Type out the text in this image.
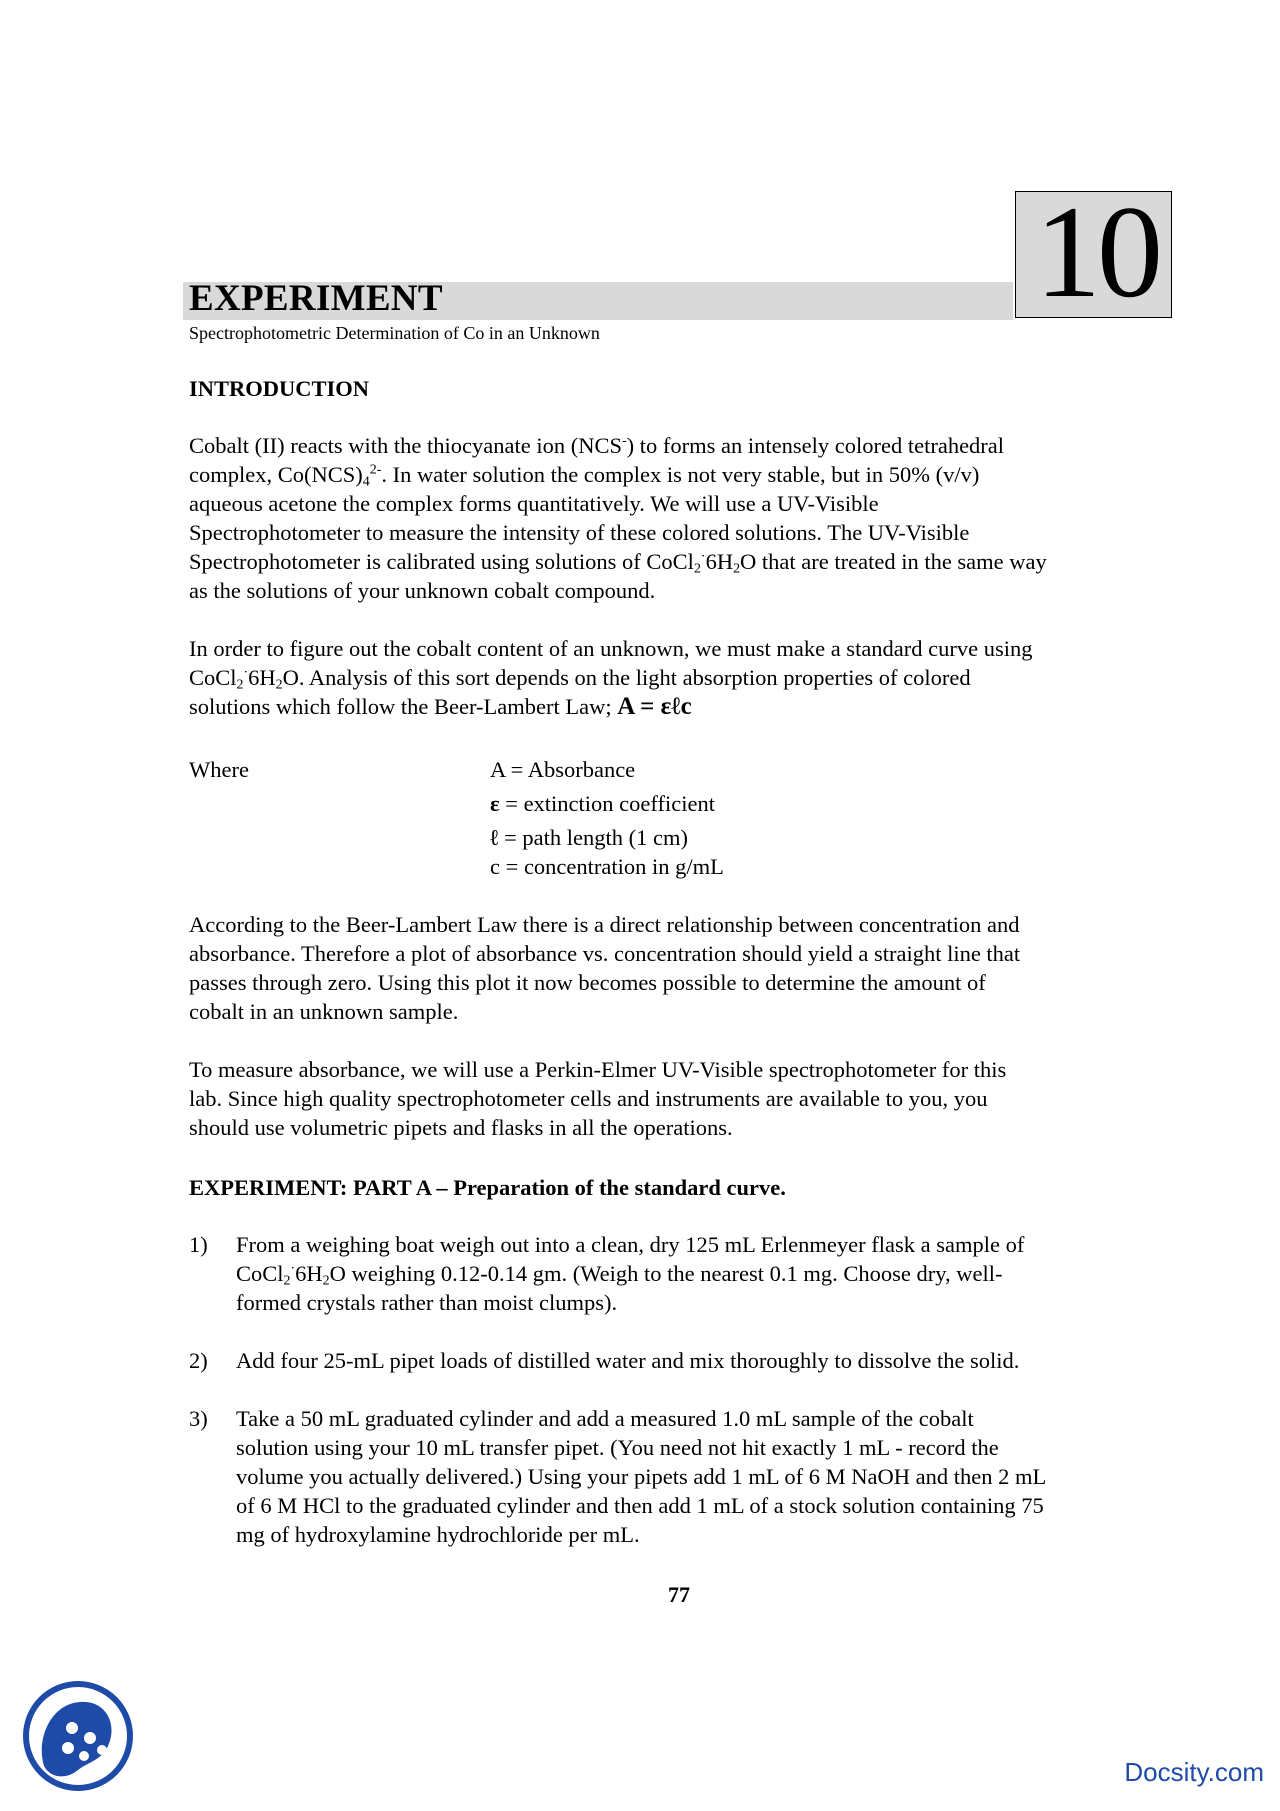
EXPERIMENT	10
Spectrophotometric Determination of Co in an Unknown
INTRODUCTION
Cobalt (II) reacts with the thiocyanate ion (NCS-) to forms an intensely colored tetrahedral
complex, $Co(NCS)_4^{2-}$. In water solution the complex is not very stable, but in 50% (v/v)
aqueous acetone the complex forms quantitatively. We will use a UV-Visible
Spectrophotometer to measure the intensity of these colored solutions. The UV-Visible
Spectrophotometer is calibrated using solutions of $CoCl_2^\cdot 6H_2O$ that are treated in the same way
as the solutions of your unknown cobalt compound.
In order to figure out the cobalt content of an unknown, we must make a standard curve using
$CoCl_2^\cdot 6H_2O$. Analysis of this sort depends on the light absorption properties of colored
solutions which follow the Beer-Lambert Law; A = εℓc
Where	A = Absorbance
ε = extinction coefficient
ℓ = path length (1 cm)
c = concentration in g/mL
According to the Beer-Lambert Law there is a direct relationship between concentration and
absorbance. Therefore a plot of absorbance vs. concentration should yield a straight line that
passes through zero. Using this plot it now becomes possible to determine the amount of
cobalt in an unknown sample.
To measure absorbance, we will use a Perkin-Elmer UV-Visible spectrophotometer for this
lab. Since high quality spectrophotometer cells and instruments are available to you, you
should use volumetric pipets and flasks in all the operations.
EXPERIMENT: PART A – Preparation of the standard curve.
1)	From a weighing boat weigh out into a clean, dry 125 mL Erlenmeyer flask a sample of
$CoCl_2^\cdot 6H_2O$ weighing 0.12-0.14 gm. (Weigh to the nearest 0.1 mg. Choose dry, well-
formed crystals rather than moist clumps).
2)	Add four 25-mL pipet loads of distilled water and mix thoroughly to dissolve the solid.
3)	Take a 50 mL graduated cylinder and add a measured 1.0 mL sample of the cobalt
solution using your 10 mL transfer pipet. (You need not hit exactly 1 mL - record the
volume you actually delivered.) Using your pipets add 1 mL of 6 M NaOH and then 2 mL
of 6 M HCl to the graduated cylinder and then add 1 mL of a stock solution containing 75
mg of hydroxylamine hydrochloride per mL.
77
Docsity.com
